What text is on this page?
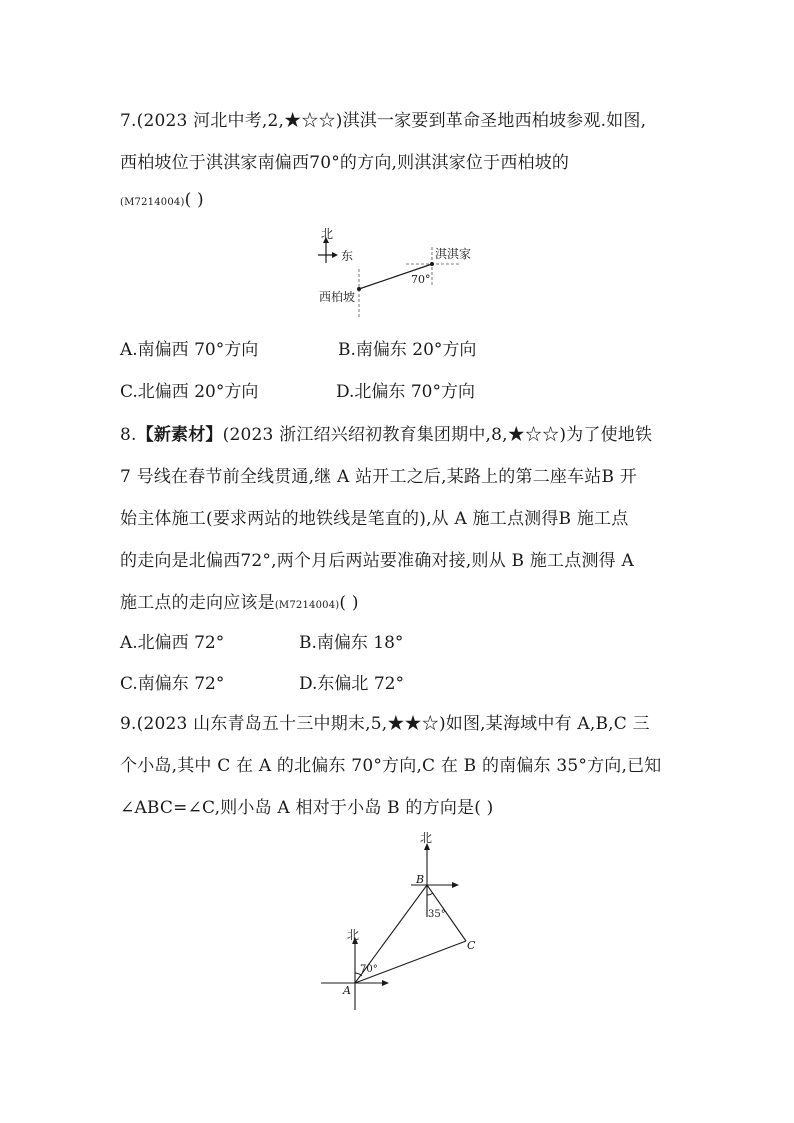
7.(2023 河北中考,2,★☆☆)淇淇一家要到革命圣地西柏坡参观.如图,
西柏坡位于淇淇家南偏西70°的方向,则淇淇家位于西柏坡的
(M7214004)( )
北
东	淇淇家
西柏坡
70°
A.南偏西 70°方向	B.南偏东 20°方向
C.北偏西 20°方向	D.北偏东 70°方向
8.【新素材】(2023 浙江绍兴绍初教育集团期中,8,★☆☆)为了使地铁
7 号线在春节前全线贯通,继 A 站开工之后,某路上的第二座车站B 开
始主体施工(要求两站的地铁线是笔直的),从 A 施工点测得B 施工点
的走向是北偏西72°,两个月后两站要准确对接,则从 B 施工点测得 A
施工点的走向应该是(M7214004)( )
A.北偏西 72°	B.南偏东 18°
C.南偏东 72°	D.东偏北 72°
9.(2023 山东青岛五十三中期末,5,★★☆)如图,某海域中有 A,B,C 三
个小岛,其中 C 在 A 的北偏东 70°方向,C 在 B 的南偏东 35°方向,已知
∠ABC=∠C,则小岛 A 相对于小岛 B 的方向是( )
北
北
70°
35°
B
C
A
